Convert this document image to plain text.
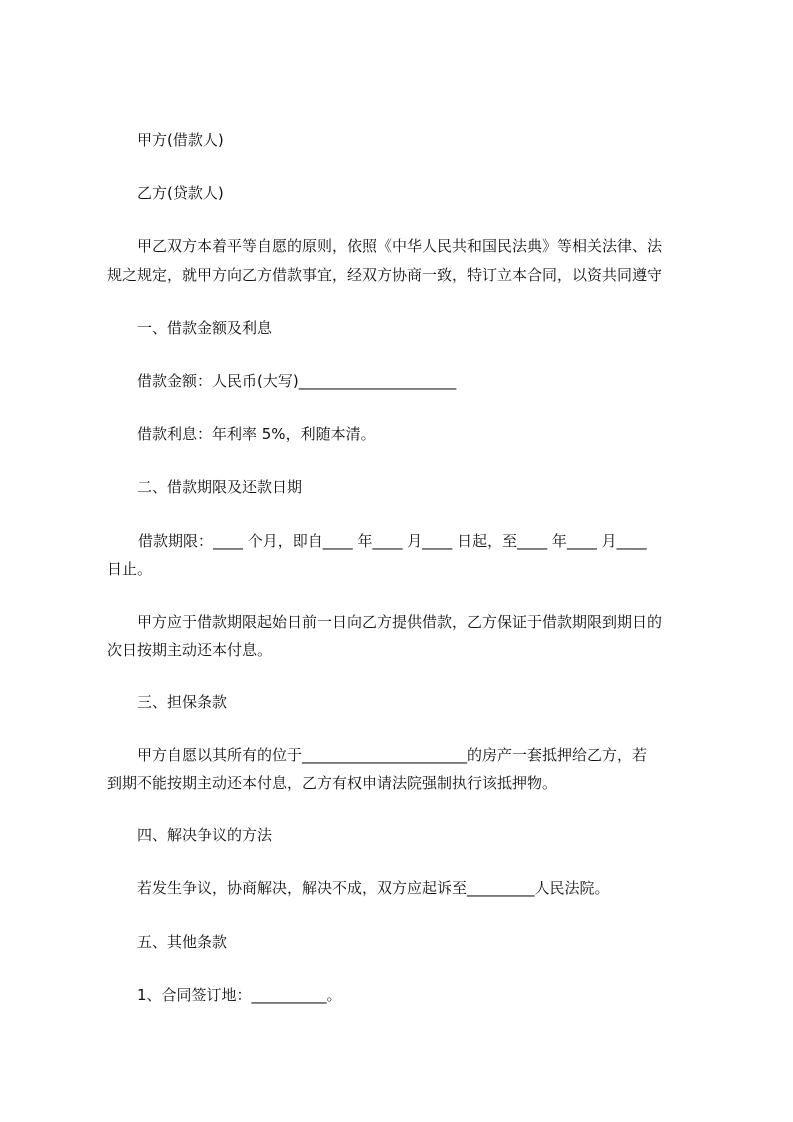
甲方(借款人)
乙方(贷款人)
甲乙双方本着平等自愿的原则，依照《中华人民共和国民法典》等相关法律、法
规之规定，就甲方向乙方借款事宜，经双方协商一致，特订立本合同，以资共同遵守
一、借款金额及利息
借款金额：人民币(大写)_____________________
借款利息：年利率 5%，利随本清。
二、借款期限及还款日期
借款期限：____ 个月，即自____ 年____ 月____ 日起，至____ 年____ 月____
日止。
甲方应于借款期限起始日前一日向乙方提供借款，乙方保证于借款期限到期日的
次日按期主动还本付息。
三、担保条款
甲方自愿以其所有的位于______________________的房产一套抵押给乙方，若
到期不能按期主动还本付息，乙方有权申请法院强制执行该抵押物。
四、解决争议的方法
若发生争议，协商解决，解决不成，双方应起诉至_________人民法院。
五、其他条款
1、合同签订地：__________。
